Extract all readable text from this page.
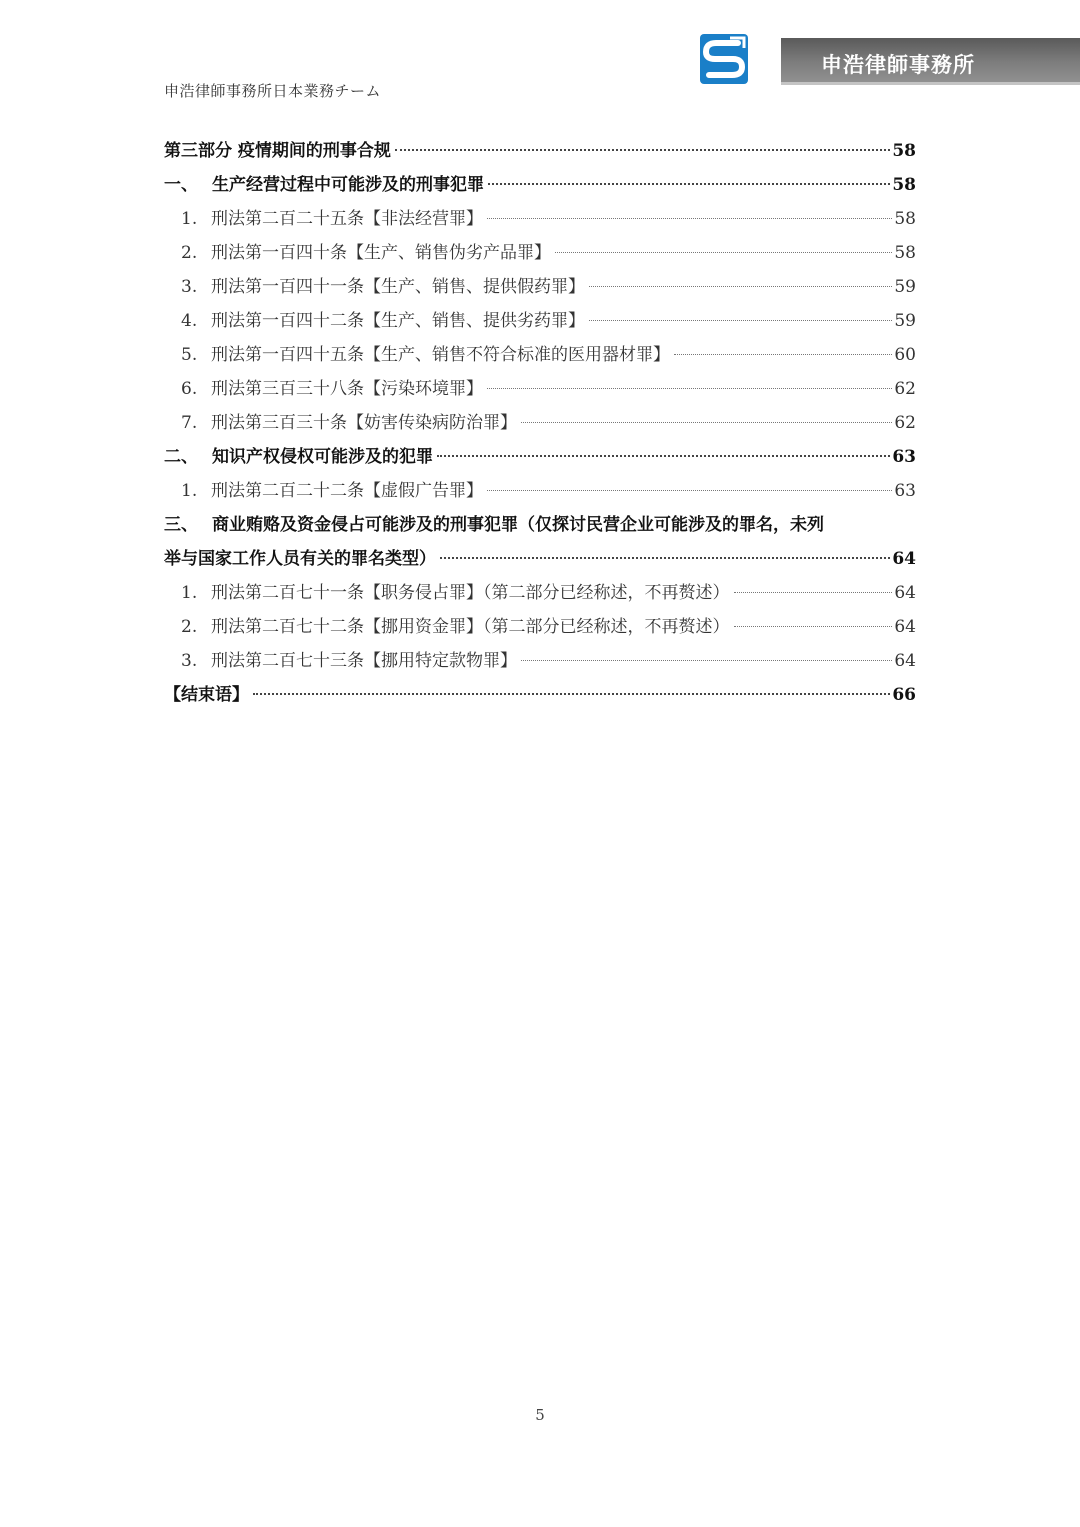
申浩律師事務所日本業務チーム
申浩律師事務所
第三部分 疫情期间的刑事合规	58
一、 生产经营过程中可能涉及的刑事犯罪	58
1. 刑法第二百二十五条【非法经营罪】	58
2. 刑法第一百四十条【生产、销售伪劣产品罪】	58
3. 刑法第一百四十一条【生产、销售、提供假药罪】	59
4. 刑法第一百四十二条【生产、销售、提供劣药罪】	59
5. 刑法第一百四十五条【生产、销售不符合标准的医用器材罪】	60
6. 刑法第三百三十八条【污染环境罪】	62
7. 刑法第三百三十条【妨害传染病防治罪】	62
二、 知识产权侵权可能涉及的犯罪	63
1. 刑法第二百二十二条【虚假广告罪】	63
三、 商业贿赂及资金侵占可能涉及的刑事犯罪（仅探讨民营企业可能涉及的罪名，未列
举与国家工作人员有关的罪名类型）	64
1. 刑法第二百七十一条【职务侵占罪】（第二部分已经称述，不再赘述）	64
2. 刑法第二百七十二条【挪用资金罪】（第二部分已经称述，不再赘述）	64
3. 刑法第二百七十三条【挪用特定款物罪】	64
【结束语】	66
5
